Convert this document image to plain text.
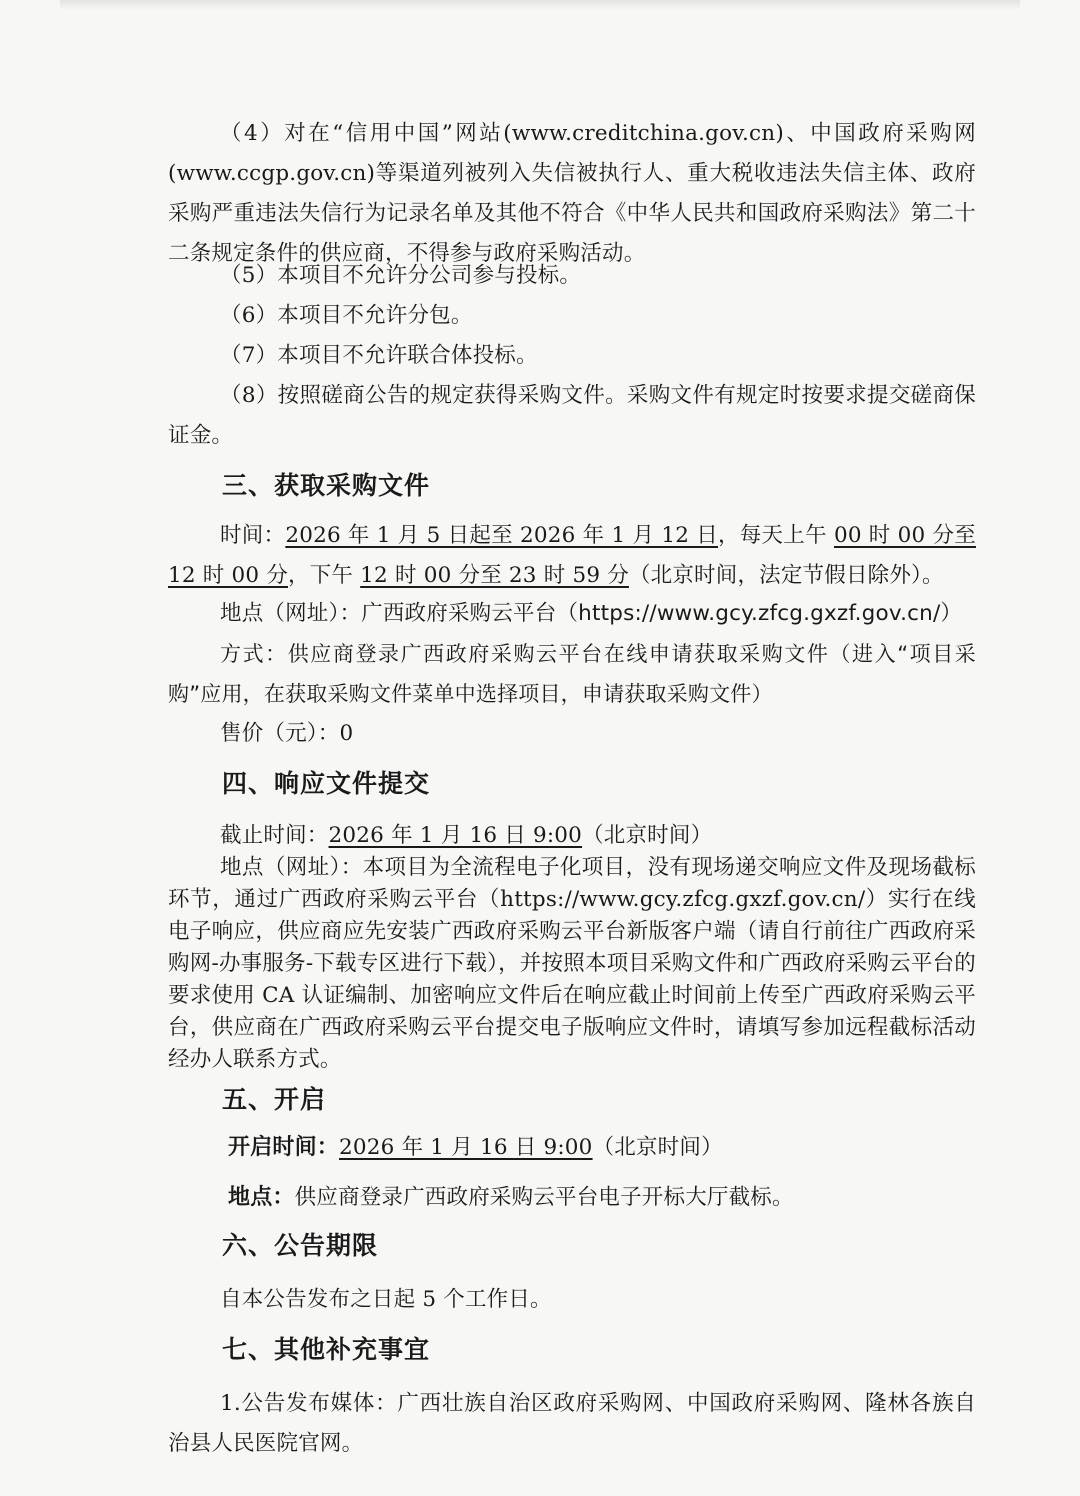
（4）对在“信用中国”网站(www.creditchina.gov.cn)、中国政府采购网(www.ccgp.gov.cn)等渠道列被列入失信被执行人、重大税收违法失信主体、政府采购严重违法失信行为记录名单及其他不符合《中华人民共和国政府采购法》第二十二条规定条件的供应商，不得参与政府采购活动。
（5）本项目不允许分公司参与投标。
（6）本项目不允许分包。
（7）本项目不允许联合体投标。
（8）按照磋商公告的规定获得采购文件。采购文件有规定时按要求提交磋商保证金。
三、获取采购文件
时间：2026 年 1 月 5 日起至 2026 年 1 月 12 日，每天上午 00 时 00 分至 12 时 00 分，下午 12 时 00 分至 23 时 59 分（北京时间，法定节假日除外）。
地点（网址）：广西政府采购云平台（https://www.gcy.zfcg.gxzf.gov.cn/）
方式：供应商登录广西政府采购云平台在线申请获取采购文件（进入“项目采购”应用，在获取采购文件菜单中选择项目，申请获取采购文件）
售价（元）：0
四、响应文件提交
截止时间：2026 年 1 月 16 日 9:00（北京时间）
地点（网址）：本项目为全流程电子化项目，没有现场递交响应文件及现场截标环节，通过广西政府采购云平台（https://www.gcy.zfcg.gxzf.gov.cn/）实行在线电子响应，供应商应先安装广西政府采购云平台新版客户端（请自行前往广西政府采购网-办事服务-下载专区进行下载），并按照本项目采购文件和广西政府采购云平台的要求使用 CA 认证编制、加密响应文件后在响应截止时间前上传至广西政府采购云平台，供应商在广西政府采购云平台提交电子版响应文件时，请填写参加远程截标活动经办人联系方式。
五、开启
开启时间：2026 年 1 月 16 日 9:00（北京时间）
地点：供应商登录广西政府采购云平台电子开标大厅截标。
六、公告期限
自本公告发布之日起 5 个工作日。
七、其他补充事宜
1.公告发布媒体：广西壮族自治区政府采购网、中国政府采购网、隆林各族自治县人民医院官网。
